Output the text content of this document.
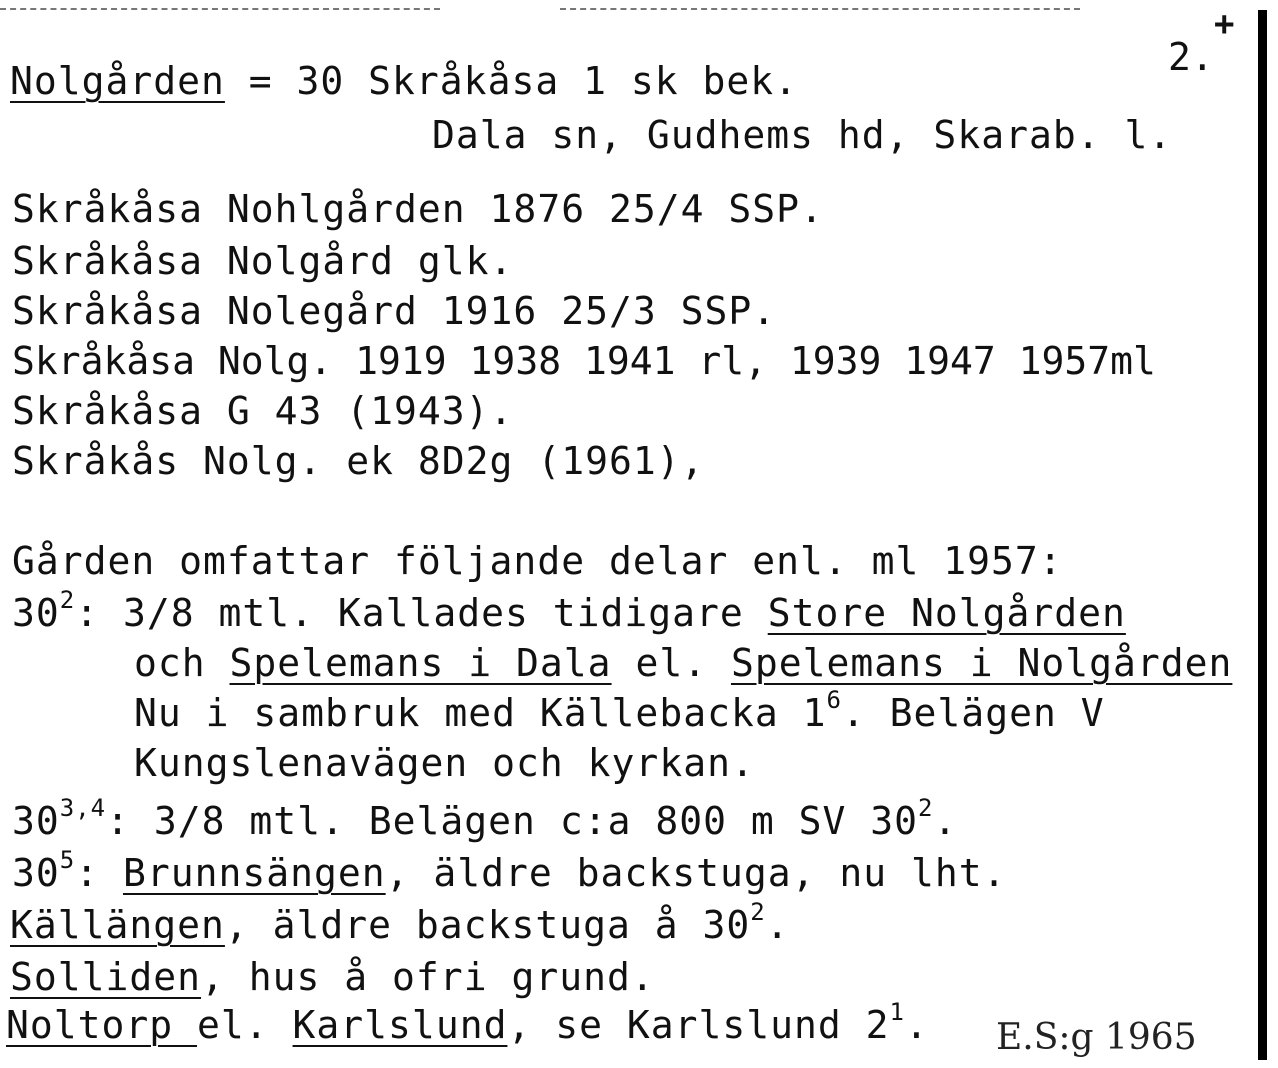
+
2.

Nolgården = 30 Skråkåsa 1 sk bek.

Dala sn, Gudhems hd, Skarab. l.

Skråkåsa Nohlgården 1876 25/4 SSP.

Skråkåsa Nolgård glk.

Skråkåsa Nolegård 1916 25/3 SSP.

Skråkåsa Nolg. 1919 1938 1941 rl, 1939 1947 1957ml

Skråkåsa G 43 (1943).

Skråkås Nolg. ek 8D2g (1961),

Gården omfattar följande delar enl. ml 1957:

$30^2$: 3/8 mtl. Kallades tidigare Store Nolgården

och Spelemans i Dala el. Spelemans i Nolgården

Nu i sambruk med Källebacka $1^6$. Belägen V

Kungslenavägen och kyrkan.

30$^{3,4}$: 3/8 mtl. Belägen c:a 800 m SV $30^2$.

$30^5$: Brunnsängen, äldre backstuga, nu lht.

Källängen, äldre backstuga å $30^2$.

Solliden, hus å ofri grund.

Noltorp el. Karlslund, se Karlslund $2^1$. E.S:g 1965
